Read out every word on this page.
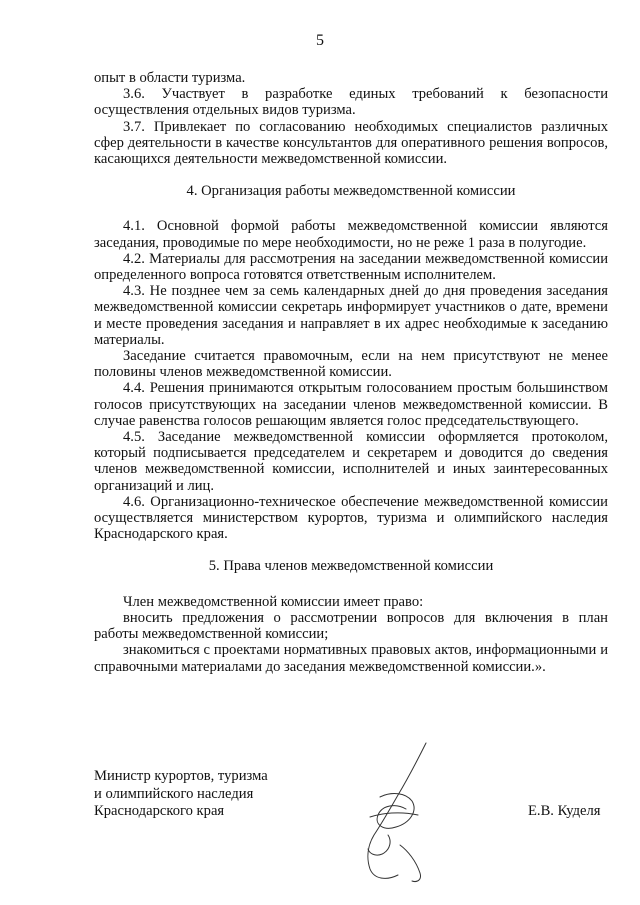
5

опыт в области туризма.

3.6. Участвует в разработке единых требований к безопасности осуществления отдельных видов туризма.

3.7. Привлекает по согласованию необходимых специалистов различных сфер деятельности в качестве консультантов для оперативного решения вопросов, касающихся деятельности межведомственной комиссии.

4. Организация работы межведомственной комиссии

4.1. Основной формой работы межведомственной комиссии являются заседания, проводимые по мере необходимости, но не реже 1 раза в полугодие.

4.2. Материалы для рассмотрения на заседании межведомственной комиссии определенного вопроса готовятся ответственным исполнителем.

4.3. Не позднее чем за семь календарных дней до дня проведения заседания межведомственной комиссии секретарь информирует участников о дате, времени и месте проведения заседания и направляет в их адрес необходимые к заседанию материалы.

Заседание считается правомочным, если на нем присутствуют не менее половины членов межведомственной комиссии.

4.4. Решения принимаются открытым голосованием простым большинством голосов присутствующих на заседании членов межведомственной комиссии. В случае равенства голосов решающим является голос председательствующего.

4.5. Заседание межведомственной комиссии оформляется протоколом, который подписывается председателем и секретарем и доводится до сведения членов межведомственной комиссии, исполнителей и иных заинтересованных организаций и лиц.

4.6. Организационно-техническое обеспечение межведомственной комиссии осуществляется министерством курортов, туризма и олимпийского наследия Краснодарского края.

5. Права членов межведомственной комиссии

Член межведомственной комиссии имеет право:

вносить предложения о рассмотрении вопросов для включения в план работы межведомственной комиссии;

знакомиться с проектами нормативных правовых актов, информационными и справочными материалами до заседания межведомственной комиссии.».

Министр курортов, туризма
и олимпийского наследия
Краснодарского края	Е.В. Куделя
